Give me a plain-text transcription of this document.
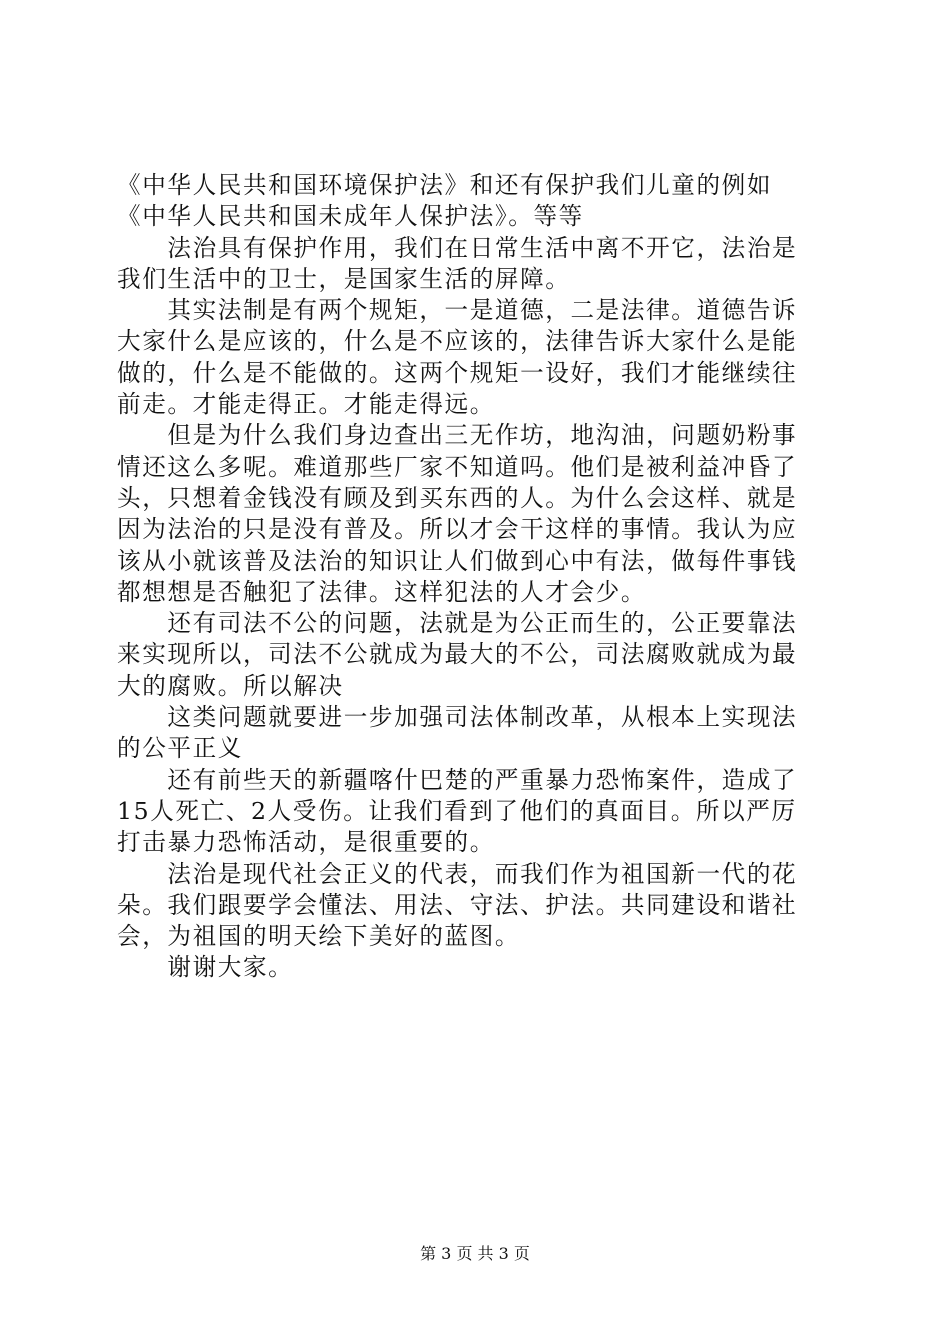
《中华人民共和国环境保护法》和还有保护我们儿童的例如

《中华人民共和国未成年人保护法》。等等

　　法治具有保护作用，我们在日常生活中离不开它，法治是

我们生活中的卫士，是国家生活的屏障。

　　其实法制是有两个规矩，一是道德，二是法律。道德告诉

大家什么是应该的，什么是不应该的，法律告诉大家什么是能

做的，什么是不能做的。这两个规矩一设好，我们才能继续往

前走。才能走得正。才能走得远。

　　但是为什么我们身边查出三无作坊，地沟油，问题奶粉事

情还这么多呢。难道那些厂家不知道吗。他们是被利益冲昏了

头，只想着金钱没有顾及到买东西的人。为什么会这样、就是

因为法治的只是没有普及。所以才会干这样的事情。我认为应

该从小就该普及法治的知识让人们做到心中有法，做每件事钱

都想想是否触犯了法律。这样犯法的人才会少。

　　还有司法不公的问题，法就是为公正而生的，公正要靠法

来实现所以，司法不公就成为最大的不公，司法腐败就成为最

大的腐败。所以解决

　　这类问题就要进一步加强司法体制改革，从根本上实现法

的公平正义

　　还有前些天的新疆喀什巴楚的严重暴力恐怖案件，造成了

15人死亡、2人受伤。让我们看到了他们的真面目。所以严厉

打击暴力恐怖活动，是很重要的。

　　法治是现代社会正义的代表，而我们作为祖国新一代的花

朵。我们跟要学会懂法、用法、守法、护法。共同建设和谐社

会，为祖国的明天绘下美好的蓝图。

　　谢谢大家。

第 3 页 共 3 页
